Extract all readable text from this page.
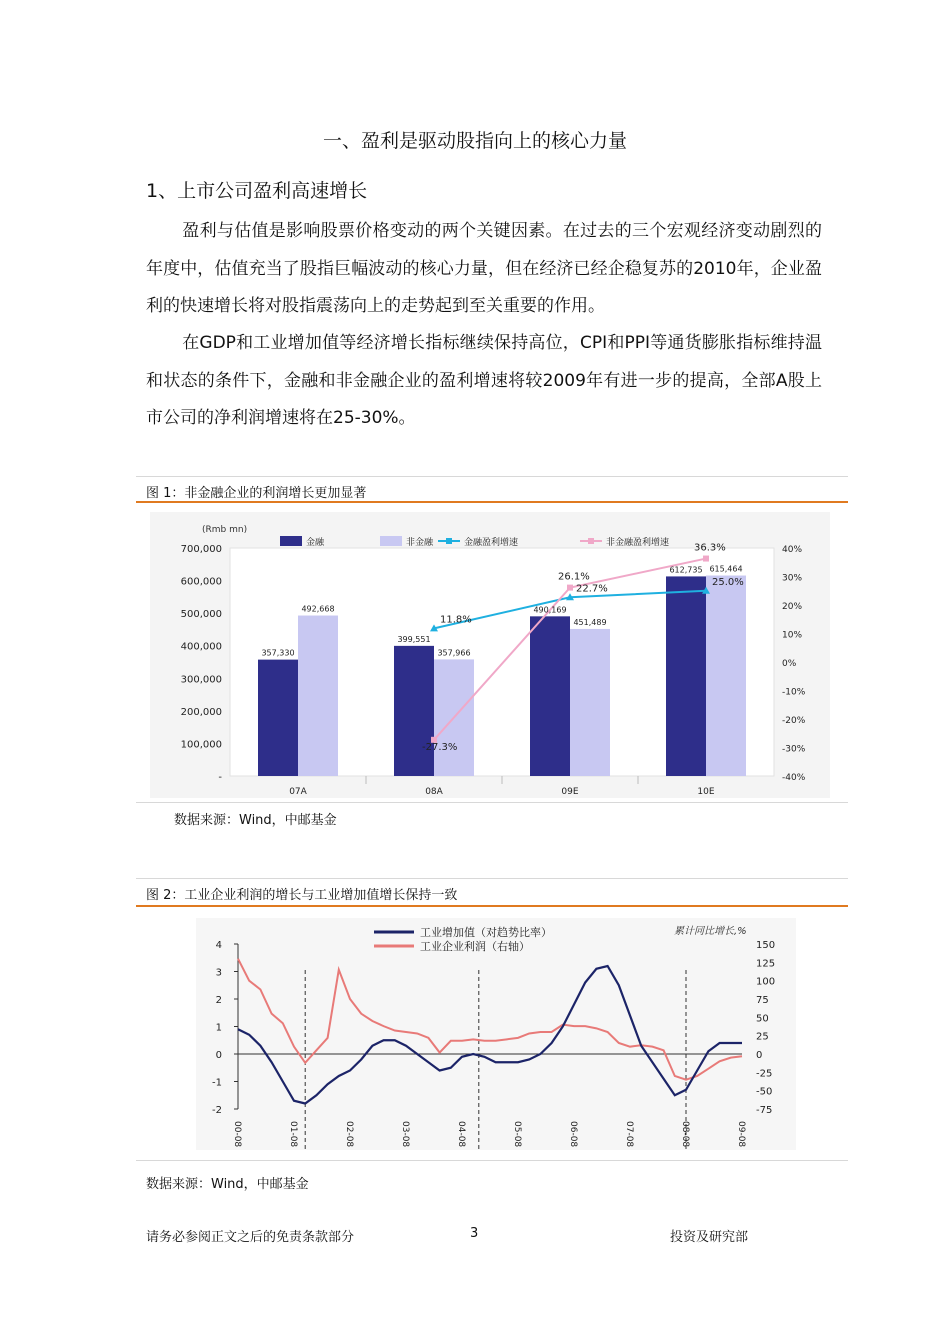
一、盈利是驱动股指向上的核心力量
1、上市公司盈利高速增长
盈利与估值是影响股票价格变动的两个关键因素。在过去的三个宏观经济变动剧烈的年度中，估值充当了股指巨幅波动的核心力量，但在经济已经企稳复苏的2010年，企业盈利的快速增长将对股指震荡向上的走势起到至关重要的作用。
在GDP和工业增加值等经济增长指标继续保持高位，CPI和PPI等通货膨胀指标维持温和状态的条件下，金融和非金融企业的盈利增速将较2009年有进一步的提高，全部A股上市公司的净利润增速将在25-30%。
图 1：非金融企业的利润增长更加显著
-
100,000
200,000
300,000
400,000
500,000
600,000
700,000
-40%
-30%
-20%
-10%
0%
10%
20%
30%
40%
357,330
399,551
490,169
612,735
492,668
357,966
451,489
615,464
11.8%
22.7%
25.0%
-27.3%
26.1%
36.3%
07A	08A	09E	10E
金融	非金融	金融盈利增速	非金融盈利增速
(Rmb mn)
数据来源：Wind，中邮基金
图 2：工业企业利润的增长与工业增加值增长保持一致
-2
-1
0
1
2
3
4
-75
-50
-25
0
25
50
75
100
125
150
00-08	01-08	02-08	03-08	04-08	05-08	06-08	07-08	08-08	09-08
工业增加值（对趋势比率）
工业企业利润（右轴）
累计同比增长,%
数据来源：Wind，中邮基金
请务必参阅正文之后的免责条款部分	3	投资及研究部
